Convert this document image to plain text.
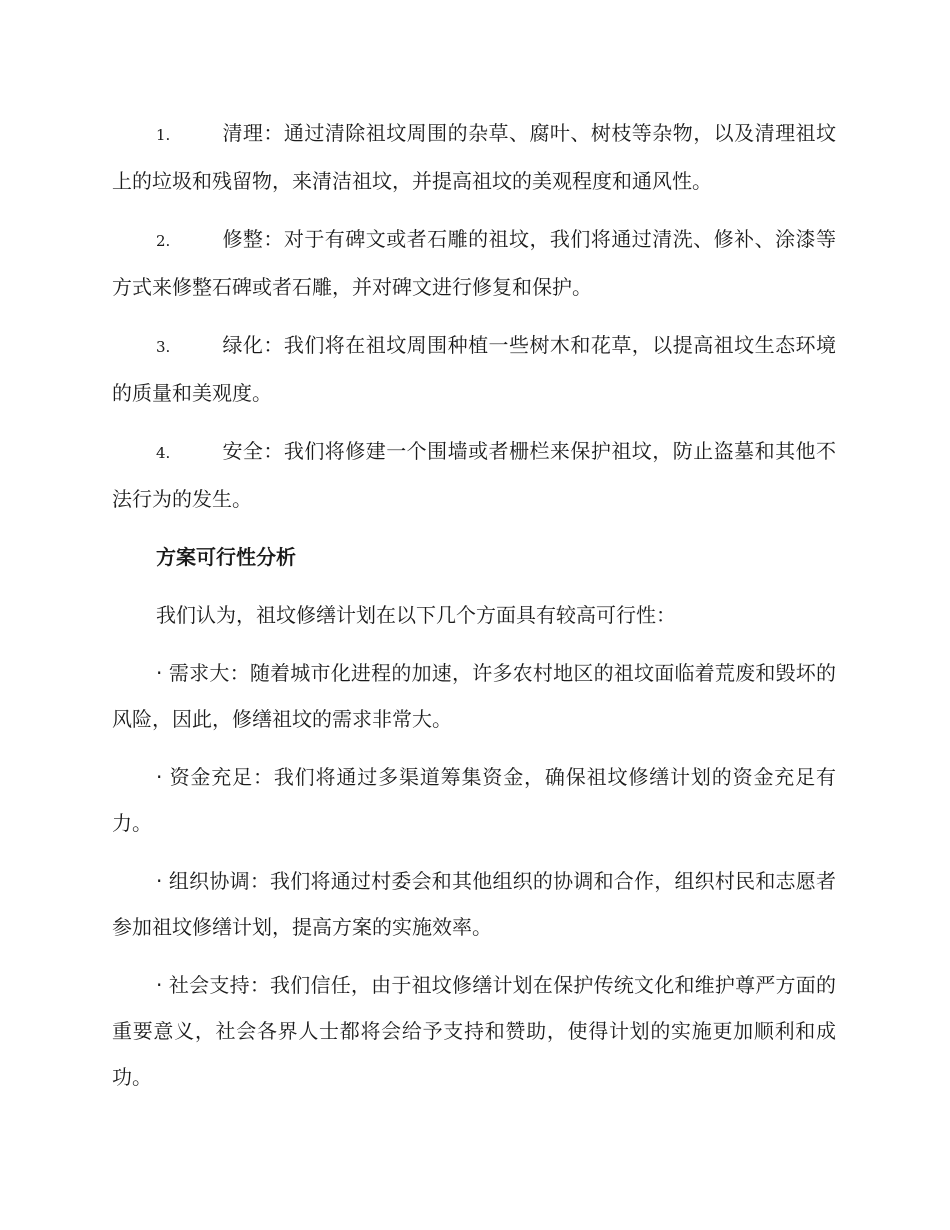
1.	清理：通过清除祖坟周围的杂草、腐叶、树枝等杂物，以及清理祖坟上的垃圾和残留物，来清洁祖坟，并提高祖坟的美观程度和通风性。

2.	修整：对于有碑文或者石雕的祖坟，我们将通过清洗、修补、涂漆等方式来修整石碑或者石雕，并对碑文进行修复和保护。

3.	绿化：我们将在祖坟周围种植一些树木和花草，以提高祖坟生态环境的质量和美观度。

4.	安全：我们将修建一个围墙或者栅栏来保护祖坟，防止盗墓和其他不法行为的发生。

方案可行性分析

我们认为，祖坟修缮计划在以下几个方面具有较高可行性：

· 需求大：随着城市化进程的加速，许多农村地区的祖坟面临着荒废和毁坏的风险，因此，修缮祖坟的需求非常大。

· 资金充足：我们将通过多渠道筹集资金，确保祖坟修缮计划的资金充足有力。

· 组织协调：我们将通过村委会和其他组织的协调和合作，组织村民和志愿者参加祖坟修缮计划，提高方案的实施效率。

· 社会支持：我们信任，由于祖坟修缮计划在保护传统文化和维护尊严方面的重要意义，社会各界人士都将会给予支持和赞助，使得计划的实施更加顺利和成功。
